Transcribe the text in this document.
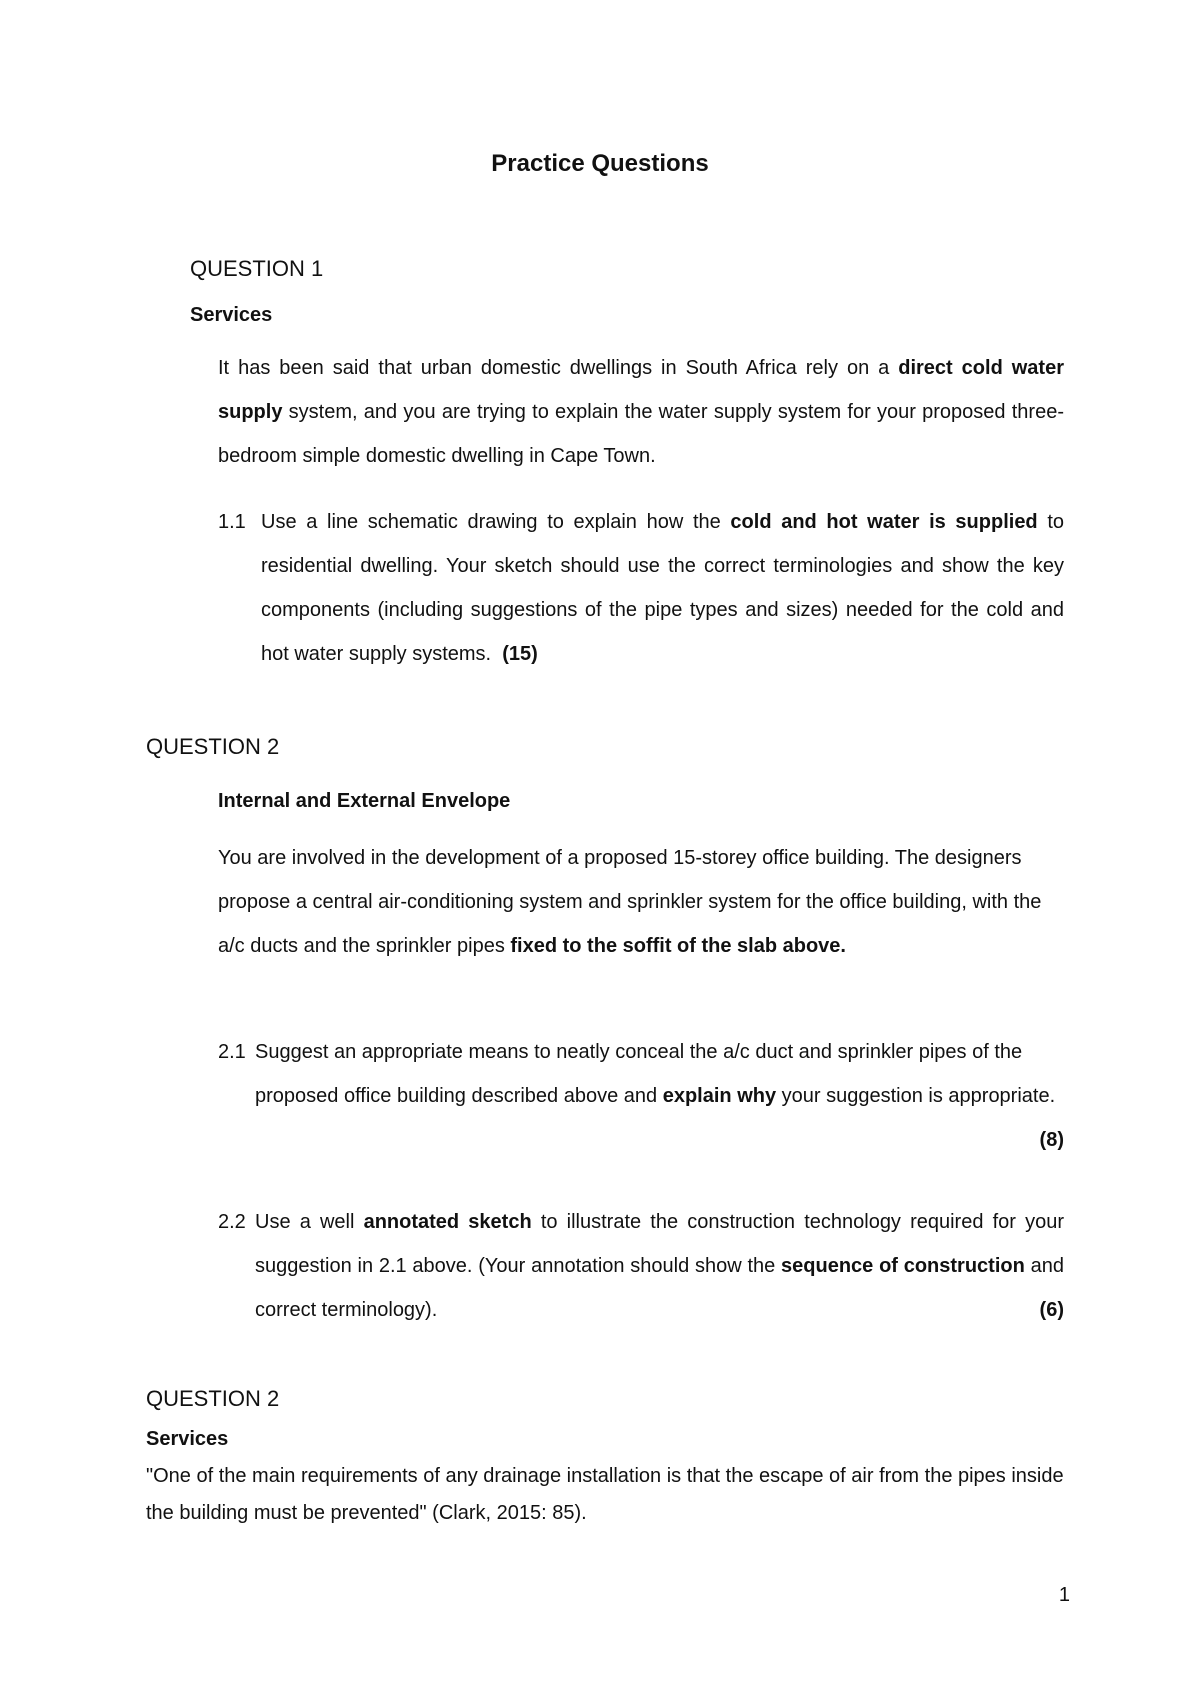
Practice Questions
QUESTION 1
Services
It has been said that urban domestic dwellings in South Africa rely on a direct cold water supply system, and you are trying to explain the water supply system for your proposed three-bedroom simple domestic dwelling in Cape Town.
1.1 Use a line schematic drawing to explain how the cold and hot water is supplied to residential dwelling. Your sketch should use the correct terminologies and show the key components (including suggestions of the pipe types and sizes) needed for the cold and hot water supply systems. (15)
QUESTION 2
Internal and External Envelope
You are involved in the development of a proposed 15-storey office building. The designers propose a central air-conditioning system and sprinkler system for the office building, with the a/c ducts and the sprinkler pipes fixed to the soffit of the slab above.
2.1 Suggest an appropriate means to neatly conceal the a/c duct and sprinkler pipes of the proposed office building described above and explain why your suggestion is appropriate.
(8)
2.2 Use a well annotated sketch to illustrate the construction technology required for your suggestion in 2.1 above. (Your annotation should show the sequence of construction and correct terminology).	(6)
QUESTION 2
Services
"One of the main requirements of any drainage installation is that the escape of air from the pipes inside the building must be prevented" (Clark, 2015: 85).
1
